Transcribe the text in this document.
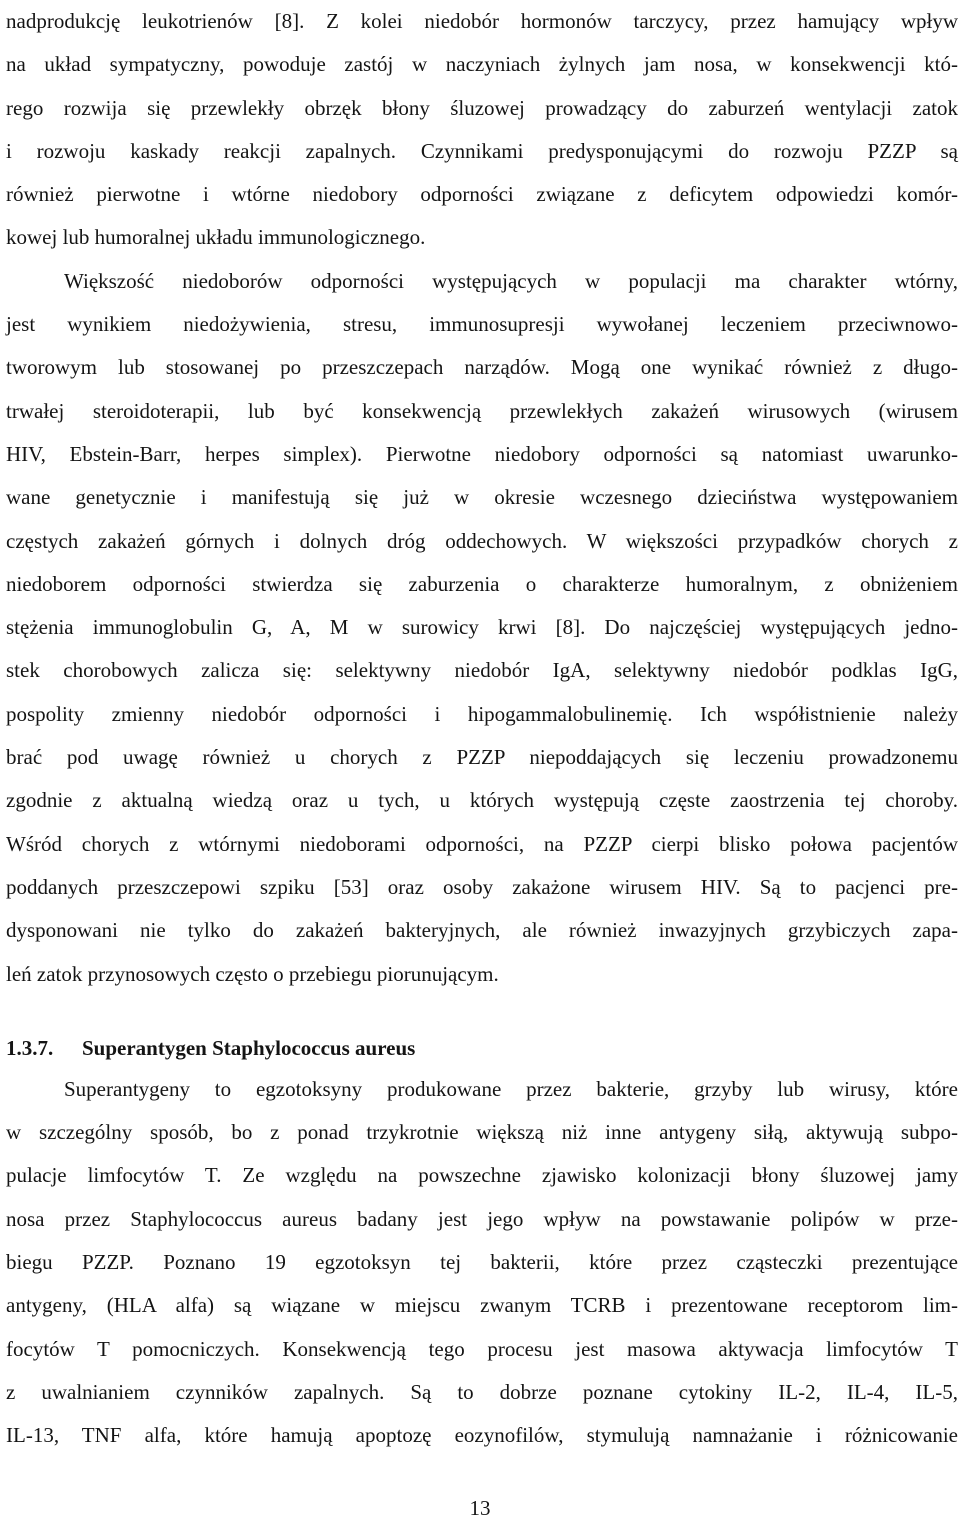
nadprodukcję leukotrienów [8]. Z kolei niedobór hormonów tarczycy, przez hamujący wpływ
na układ sympatyczny, powoduje zastój w naczyniach żylnych jam nosa, w konsekwencji któ-
rego rozwija się przewlekły obrzęk błony śluzowej prowadzący do zaburzeń wentylacji zatok
i rozwoju kaskady reakcji zapalnych. Czynnikami predysponującymi do rozwoju PZZP są
również pierwotne i wtórne niedobory odporności związane z deficytem odpowiedzi komór-
kowej lub humoralnej układu immunologicznego.
Większość niedoborów odporności występujących w populacji ma charakter wtórny,
jest wynikiem niedożywienia, stresu, immunosupresji wywołanej leczeniem przeciwnowo-
tworowym lub stosowanej po przeszczepach narządów. Mogą one wynikać również z długo-
trwałej steroidoterapii, lub być konsekwencją przewlekłych zakażeń wirusowych (wirusem
HIV, Ebstein-Barr, herpes simplex). Pierwotne niedobory odporności są natomiast uwarunko-
wane genetycznie i manifestują się już w okresie wczesnego dzieciństwa występowaniem
częstych zakażeń górnych i dolnych dróg oddechowych. W większości przypadków chorych z
niedoborem odporności stwierdza się zaburzenia o charakterze humoralnym, z obniżeniem
stężenia immunoglobulin G, A, M w surowicy krwi [8]. Do najczęściej występujących jedno-
stek chorobowych zalicza się: selektywny niedobór IgA, selektywny niedobór podklas IgG,
pospolity zmienny niedobór odporności i hipogammalobulinemię. Ich współistnienie należy
brać pod uwagę również u chorych z PZZP niepoddających się leczeniu prowadzonemu
zgodnie z aktualną wiedzą oraz u tych, u których występują częste zaostrzenia tej choroby.
Wśród chorych z wtórnymi niedoborami odporności, na PZZP cierpi blisko połowa pacjentów
poddanych przeszczepowi szpiku [53] oraz osoby zakażone wirusem HIV. Są to pacjenci pre-
dysponowani nie tylko do zakażeń bakteryjnych, ale również inwazyjnych grzybiczych zapa-
leń zatok przynosowych często o przebiegu piorunującym.
1.3.7. Superantygen Staphylococcus aureus
Superantygeny to egzotoksyny produkowane przez bakterie, grzyby lub wirusy, które
w szczególny sposób, bo z ponad trzykrotnie większą niż inne antygeny siłą, aktywują subpo-
pulacje limfocytów T. Ze względu na powszechne zjawisko kolonizacji błony śluzowej jamy
nosa przez Staphylococcus aureus badany jest jego wpływ na powstawanie polipów w prze-
biegu PZZP. Poznano 19 egzotoksyn tej bakterii, które przez cząsteczki prezentujące
antygeny, (HLA alfa) są wiązane w miejscu zwanym TCRB i prezentowane receptorom lim-
focytów T pomocniczych. Konsekwencją tego procesu jest masowa aktywacja limfocytów T
z uwalnianiem czynników zapalnych. Są to dobrze poznane cytokiny IL-2, IL-4, IL-5,
IL-13, TNF alfa, które hamują apoptozę eozynofilów, stymulują namnażanie i różnicowanie
13
